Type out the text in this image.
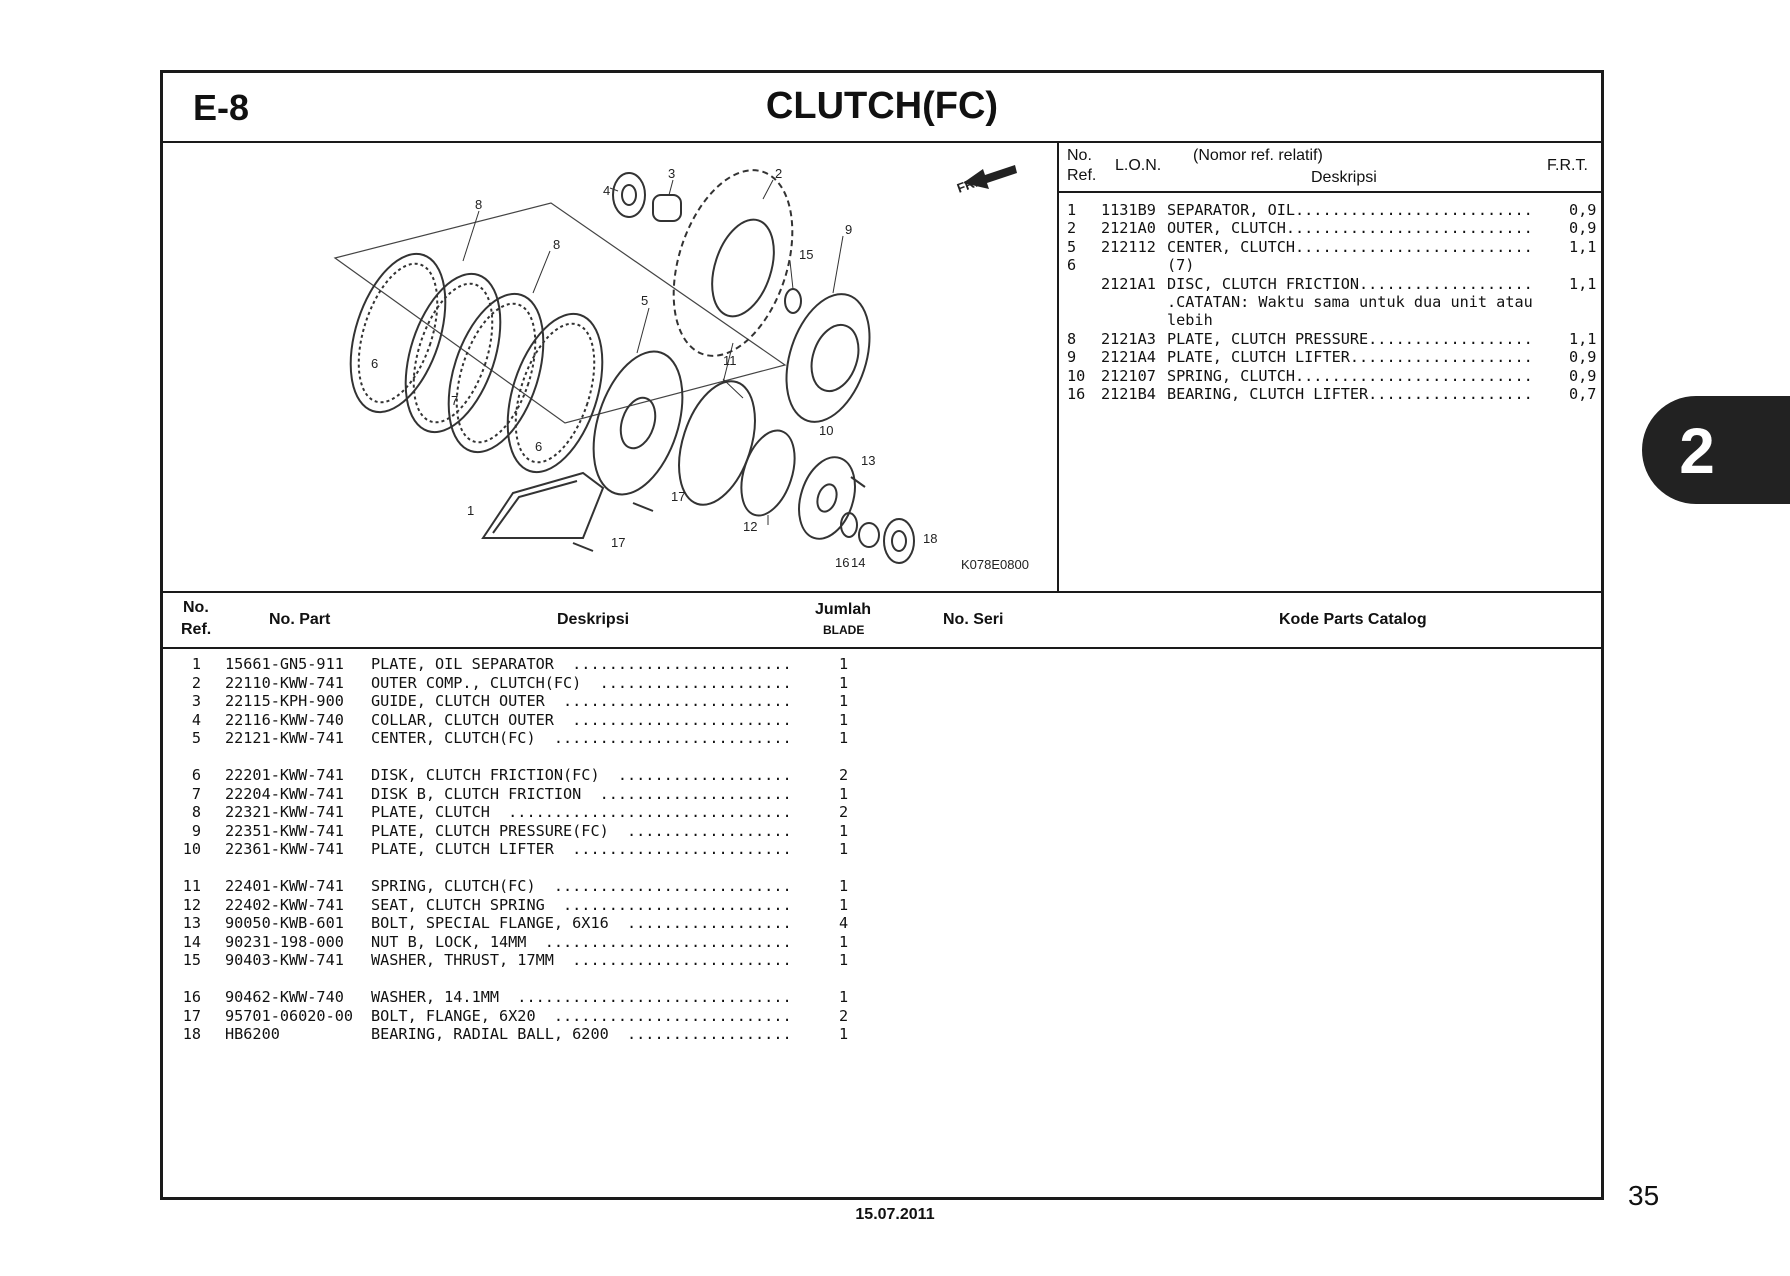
E-8	CLUTCH(FC)
FR.
4
3	2
8
8
9
15
5
6
7
11
6
10
13
1
17
17
12
18
16 14	K078E0800
No.
Ref.
L.O.N.
(Nomor ref. relatif)
Deskripsi
F.R.T.
1 1131B9 SEPARATOR, OIL.......................... 0,9
2 2121A0 OUTER, CLUTCH........................... 0,9
5 212112 CENTER, CLUTCH.......................... 1,1
6	(7)
2121A1 DISC, CLUTCH FRICTION................... 1,1
.CATATAN: Waktu sama untuk dua unit atau
lebih
8 2121A3 PLATE, CLUTCH PRESSURE.................. 1,1
9 2121A4 PLATE, CLUTCH LIFTER.................... 0,9
10 212107 SPRING, CLUTCH.......................... 0,9
16 2121B4 BEARING, CLUTCH LIFTER.................. 0,7
No.
Ref.
No. Part	Deskripsi
Jumlah
BLADE
No. Seri	Kode Parts Catalog
1 15661-GN5-911 PLATE, OIL SEPARATOR  ........................	1
2 22110-KWW-741 OUTER COMP., CLUTCH(FC)  .....................	1
3 22115-KPH-900 GUIDE, CLUTCH OUTER  .........................	1
4 22116-KWW-740 COLLAR, CLUTCH OUTER  ........................	1
5 22121-KWW-741 CENTER, CLUTCH(FC)  ..........................	1
6 22201-KWW-741 DISK, CLUTCH FRICTION(FC)  ...................	2
7 22204-KWW-741 DISK B, CLUTCH FRICTION  .....................	1
8 22321-KWW-741 PLATE, CLUTCH  ...............................	2
9 22351-KWW-741 PLATE, CLUTCH PRESSURE(FC)  ..................	1
10 22361-KWW-741 PLATE, CLUTCH LIFTER  ........................	1
11 22401-KWW-741 SPRING, CLUTCH(FC)  ..........................	1
12 22402-KWW-741 SEAT, CLUTCH SPRING  .........................	1
13 90050-KWB-601 BOLT, SPECIAL FLANGE, 6X16  ..................	4
14 90231-198-000 NUT B, LOCK, 14MM  ...........................	1
15 90403-KWW-741 WASHER, THRUST, 17MM  ........................	1
16 90462-KWW-740 WASHER, 14.1MM  ..............................	1
17 95701-06020-00 BOLT, FLANGE, 6X20  ..........................	2
18 HB6200	BEARING, RADIAL BALL, 6200  ..................	1
2
35
15.07.2011
